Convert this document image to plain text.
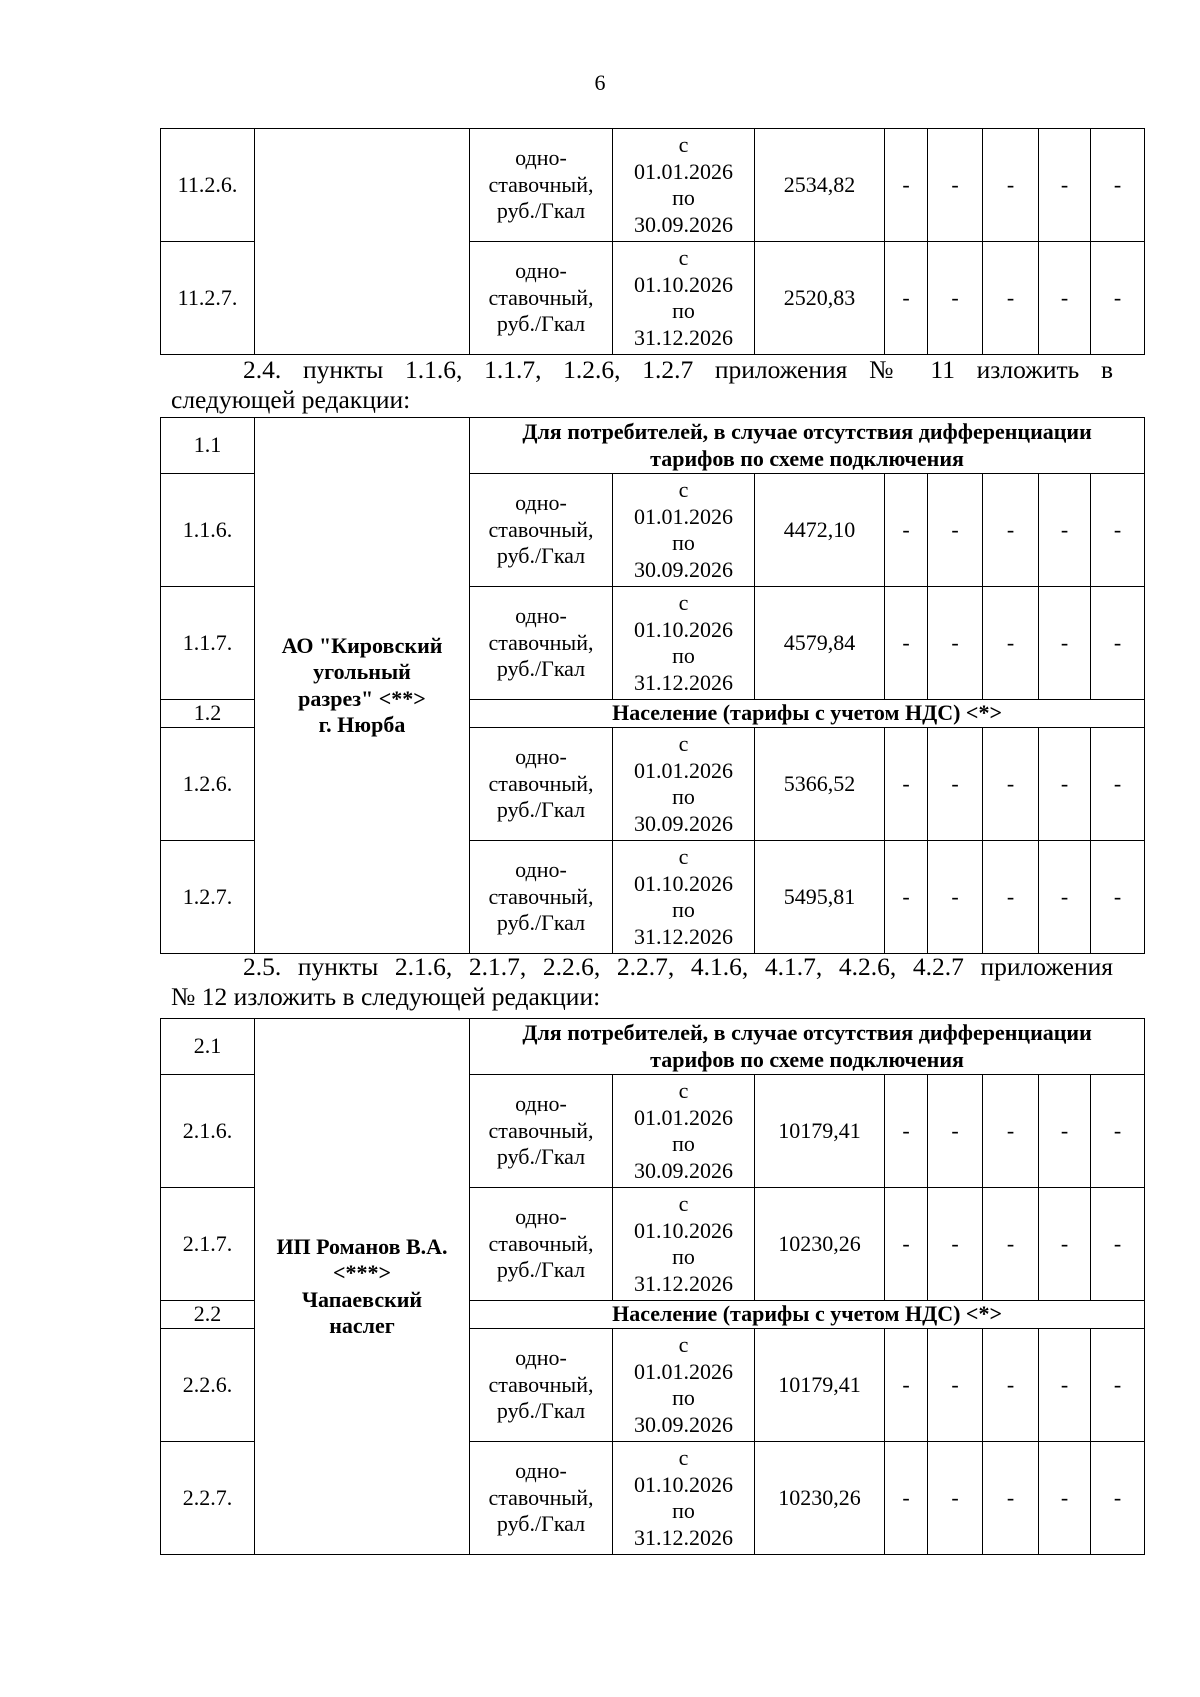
6
11.2.6.		одно-
ставочный,
руб./Гкал	с
01.01.2026
по
30.09.2026	2534,82	-	-	-	-	-
11.2.7.		одно-
ставочный,
руб./Гкал	с
01.10.2026
по
31.12.2026	2520,83	-	-	-	-	-
2.4. пункты 1.1.6, 1.1.7, 1.2.6, 1.2.7 приложения № 11 изложить в
следующей редакции:
1.1	АО "Кировский
угольный
разрез" <**>
г. Нюрба	Для потребителей, в случае отсутствия дифференциации
тарифов по схеме подключения							

1.1.6.		одно-
ставочный,
руб./Гкал	с
01.01.2026
по
30.09.2026	4472,10	-	-	-	-	-
1.1.7.		одно-
ставочный,
руб./Гкал	с
01.10.2026
по
31.12.2026	4579,84	-	-	-	-	-
1.2		Население (тарифы с учетом НДС) <*>							
1.2.6.		одно-
ставочный,
руб./Гкал	с
01.01.2026
по
30.09.2026	5366,52	-	-	-	-	-
1.2.7.		одно-
ставочный,
руб./Гкал	с
01.10.2026
по
31.12.2026	5495,81	-	-	-	-	-
2.5. пункты 2.1.6, 2.1.7, 2.2.6, 2.2.7, 4.1.6, 4.1.7, 4.2.6, 4.2.7 приложения
№ 12 изложить в следующей редакции:
2.1	ИП Романов В.А.
<***>
Чапаевский
наслег	Для потребителей, в случае отсутствия дифференциации
тарифов по схеме подключения							

2.1.6.		одно-
ставочный,
руб./Гкал	с
01.01.2026
по
30.09.2026	10179,41	-	-	-	-	-
2.1.7.		одно-
ставочный,
руб./Гкал	с
01.10.2026
по
31.12.2026	10230,26	-	-	-	-	-
2.2		Население (тарифы с учетом НДС) <*>							
2.2.6.		одно-
ставочный,
руб./Гкал	с
01.01.2026
по
30.09.2026	10179,41	-	-	-	-	-
2.2.7.		одно-
ставочный,
руб./Гкал	с
01.10.2026
по
31.12.2026	10230,26	-	-	-	-	-
